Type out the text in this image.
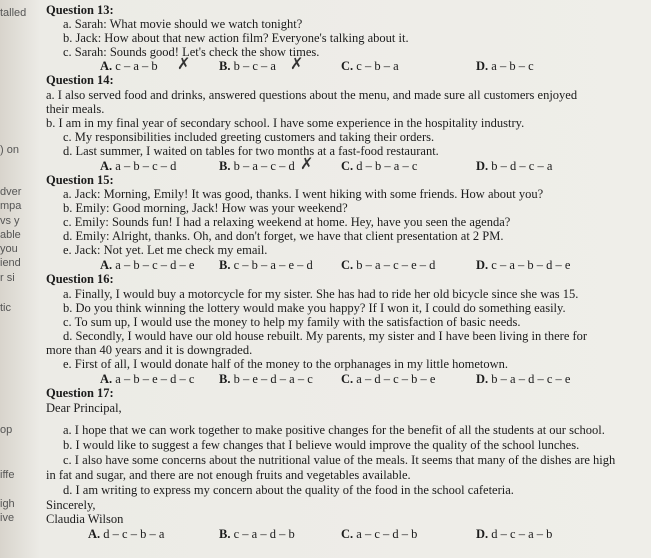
talled
) on
dver
mpa
vs y
able
you
iend
r si
tic
op
iffe
igh
ive
Question 13:
a. Sarah: What movie should we watch tonight?
b. Jack: How about that new action film? Everyone's talking about it.
c. Sarah: Sounds good! Let's check the show times.
A. c – a – b ✗ B. b – c – a ✗	C. c – b – a	D. a – b – c
Question 14:
a. I also served food and drinks, answered questions about the menu, and made sure all customers enjoyed
their meals.
b. I am in my final year of secondary school. I have some experience in the hospitality industry.
c. My responsibilities included greeting customers and taking their orders.
d. Last summer, I waited on tables for two months at a fast-food restaurant.
A. a – b – c – d	B. b – a – c – d ✗ C. d – b – a – c	D. b – d – c – a
Question 15:
a. Jack: Morning, Emily! It was good, thanks. I went hiking with some friends. How about you?
b. Emily: Good morning, Jack! How was your weekend?
c. Emily: Sounds fun! I had a relaxing weekend at home. Hey, have you seen the agenda?
d. Emily: Alright, thanks. Oh, and don't forget, we have that client presentation at 2 PM.
e. Jack: Not yet. Let me check my email.
A. a – b – c – d – e B. c – b – a – e – d C. b – a – c – e – d	D. c – a – b – d – e
Question 16:
a. Finally, I would buy a motorcycle for my sister. She has had to ride her old bicycle since she was 15.
b. Do you think winning the lottery would make you happy? If I won it, I could do something easily.
c. To sum up, I would use the money to help my family with the satisfaction of basic needs.
d. Secondly, I would have our old house rebuilt. My parents, my sister and I have been living in there for
more than 40 years and it is downgraded.
e. First of all, I would donate half of the money to the orphanages in my little hometown.
A. a – b – e – d – c B. b – e – d – a – c C. a – d – c – b – e	D. b – a – d – c – e
Question 17:
Dear Principal,
a. I hope that we can work together to make positive changes for the benefit of all the students at our school.
b. I would like to suggest a few changes that I believe would improve the quality of the school lunches.
c. I also have some concerns about the nutritional value of the meals. It seems that many of the dishes are high
in fat and sugar, and there are not enough fruits and vegetables available.
d. I am writing to express my concern about the quality of the food in the school cafeteria.
Sincerely,
Claudia Wilson
A. d – c – b – a	B. c – a – d – b	C. a – c – d – b	D. d – c – a – b
